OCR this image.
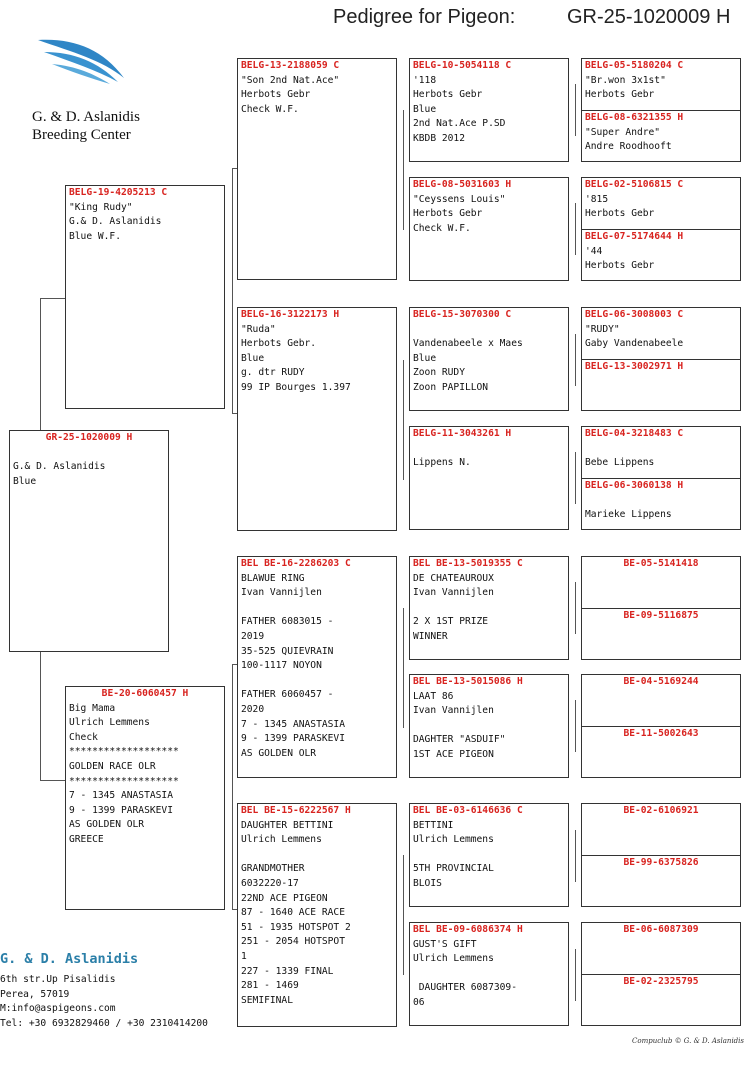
Pedigree for Pigeon:	GR-25-1020009 H
G. & D. Aslanidis
Breeding Center
GR-25-1020009 H

G.& D. Aslanidis
Blue
BELG-19-4205213 C
"King Rudy"
G.& D. Aslanidis
Blue W.F.
BE-20-6060457 H
Big Mama
Ulrich Lemmens
Check
*******************
GOLDEN RACE OLR
*******************
7 - 1345 ANASTASIA
9 - 1399 PARASKEVI
AS GOLDEN OLR
GREECE
BELG-13-2188059 C
"Son 2nd Nat.Ace"
Herbots Gebr
Check W.F.
BELG-16-3122173 H
"Ruda"
Herbots Gebr.
Blue
g. dtr RUDY
99 IP Bourges 1.397
BEL BE-16-2286203 C
BLAWUE RING
Ivan Vannijlen

FATHER 6083015 -
2019
35-525 QUIEVRAIN
100-1117 NOYON

FATHER 6060457 -
2020
7 - 1345 ANASTASIA
9 - 1399 PARASKEVI
AS GOLDEN OLR
BEL BE-15-6222567 H
DAUGHTER BETTINI
Ulrich Lemmens

GRANDMOTHER
6032220-17
22ND ACE PIGEON
87 - 1640 ACE RACE
51 - 1935 HOTSPOT 2
251 - 2054 HOTSPOT
1
227 - 1339 FINAL
281 - 1469
SEMIFINAL
BELG-10-5054118 C
'118
Herbots Gebr
Blue
2nd Nat.Ace P.SD
KBDB 2012
BELG-08-5031603 H
"Ceyssens Louis"
Herbots Gebr
Check W.F.
BELG-15-3070300 C

Vandenabeele x Maes
Blue
Zoon RUDY
Zoon PAPILLON
BELG-11-3043261 H

Lippens N.
BEL BE-13-5019355 C
DE CHATEAUROUX
Ivan Vannijlen

2 X 1ST PRIZE
WINNER
BEL BE-13-5015086 H
LAAT 86
Ivan Vannijlen

DAGHTER "ASDUIF"
1ST ACE PIGEON
BEL BE-03-6146636 C
BETTINI
Ulrich Lemmens

5TH PROVINCIAL
BLOIS
BEL BE-09-6086374 H
GUST'S GIFT
Ulrich Lemmens

DAUGHTER 6087309-
06
BELG-05-5180204 C
"Br.won 3x1st"
Herbots Gebr
BELG-08-6321355 H
"Super Andre"
Andre Roodhooft
BELG-02-5106815 C
'815
Herbots Gebr
BELG-07-5174644 H
'44
Herbots Gebr
BELG-06-3008003 C
"RUDY"
Gaby Vandenabeele
BELG-13-3002971 H
BELG-04-3218483 C

Bebe Lippens
BELG-06-3060138 H

Marieke Lippens
BE-05-5141418
BE-09-5116875
BE-04-5169244
BE-11-5002643
BE-02-6106921
BE-99-6375826
BE-06-6087309
BE-02-2325795
G. & D. Aslanidis
6th str.Up Pisalidis
Perea, 57019
M:info@aspigeons.com
Tel: +30 6932829460 / +30 2310414200
Compuclub © G. & D. Aslanidis
